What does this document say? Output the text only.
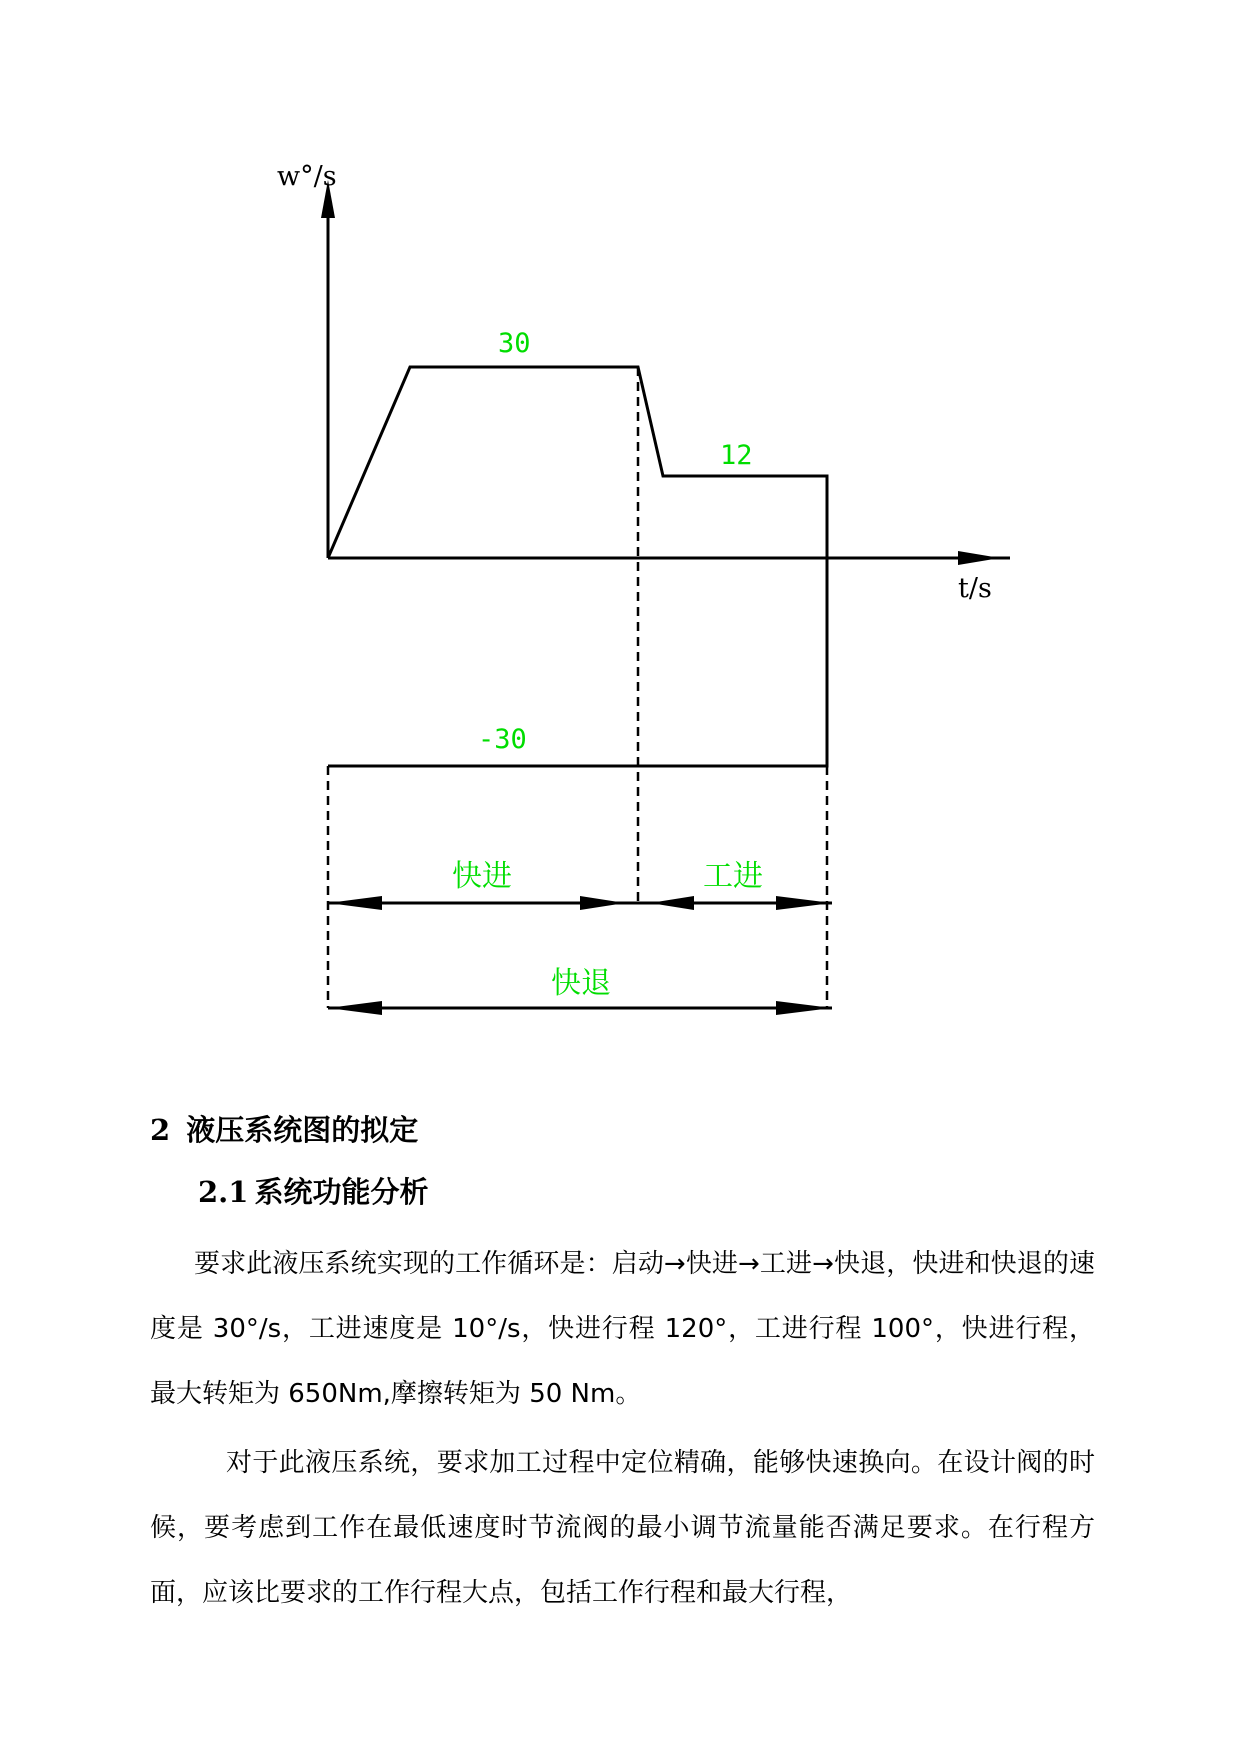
w°/s
t/s
30
12
-30
快进	工进
快退
2 液压系统图的拟定
2.1 系统功能分析

要求此液压系统实现的工作循环是：启动→快进→工进→快退，快进和快退的速度是 30°/s，工进速度是 10°/s，快进行程 120°，工进行程 100°，快进行程，最大转矩为 650Nm,摩擦转矩为 50 Nm。

对于此液压系统，要求加工过程中定位精确，能够快速换向。在设计阀的时候，要考虑到工作在最低速度时节流阀的最小调节流量能否满足要求。在行程方面，应该比要求的工作行程大点，包括工作行程和最大行程，
